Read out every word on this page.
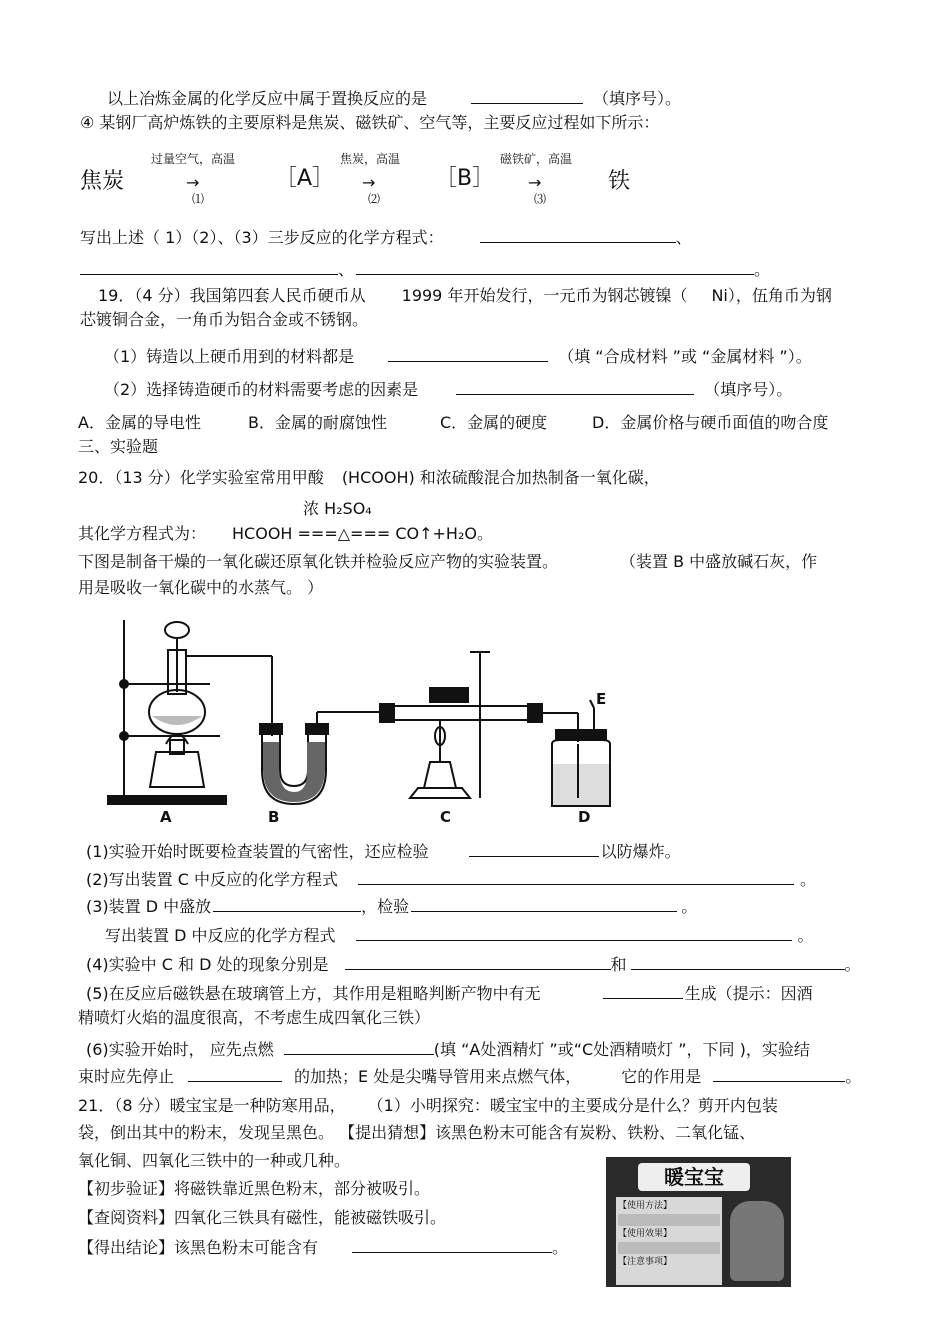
以上冶炼金属的化学反应中属于置换反应的是	（填序号）。
④ 某钢厂高炉炼铁的主要原料是焦炭、磁铁矿、空气等，主要反应过程如下所示：
焦炭
过量空气，高温
→
⑴
［A］
焦炭，高温
→
⑵
［B］
磁铁矿，高温
→
⑶
铁
写出上述（ 1）（2）、（3）三步反应的化学方程式：	、
、	。
19．（4 分）我国第四套人民币硬币从 1999 年开始发行，一元币为钢芯镀镍（ Ni），伍角币为钢
芯镀铜合金，一角币为铝合金或不锈钢。
（1）铸造以上硬币用到的材料都是	（填 “合成材料 ”或 “金属材料 ”）。
（2）选择铸造硬币的材料需要考虑的因素是	（填序号）。
A．金属的导电性	B．金属的耐腐蚀性	C．金属的硬度	D．金属价格与硬币面值的吻合度
三、实验题
20．（13 分）化学实验室常用甲酸 (HCOOH) 和浓硫酸混合加热制备一氧化碳，
浓 H₂SO₄
其化学方程式为： HCOOH ===△=== CO↑+H₂O。
下图是制备干燥的一氧化碳还原氧化铁并检验反应产物的实验装置。	（装置 B 中盛放碱石灰，作
用是吸收一氧化碳中的水蒸气。 ）
A	B	C	D
E
(1)实验开始时既要检查装置的气密性，还应检验	以防爆炸。
(2)写出装置 C 中反应的化学方程式	。
(3)装置 D 中盛放	，检验	。
写出装置 D 中反应的化学方程式	。
(4)实验中 C 和 D 处的现象分别是	和	。
(5)在反应后磁铁悬在玻璃管上方，其作用是粗略判断产物中有无	生成（提示：因酒
精喷灯火焰的温度很高，不考虑生成四氧化三铁）
(6)实验开始时， 应先点燃	(填 “A处酒精灯 ”或“C处酒精喷灯 ”，下同 )，实验结
束时应先停止	的加热；E 处是尖嘴导管用来点燃气体，	它的作用是	。
21．（8 分）暖宝宝是一种防寒用品， （1）小明探究：暖宝宝中的主要成分是什么？剪开内包装
袋，倒出其中的粉末，发现呈黑色。 【提出猜想】该黑色粉末可能含有炭粉、铁粉、二氧化锰、
氧化铜、四氧化三铁中的一种或几种。
【初步验证】将磁铁靠近黑色粉末，部分被吸引。
【查阅资料】四氧化三铁具有磁性，能被磁铁吸引。
【得出结论】该黑色粉末可能含有	。
暖宝宝
【使用方法】
【使用效果】
【注意事项】
